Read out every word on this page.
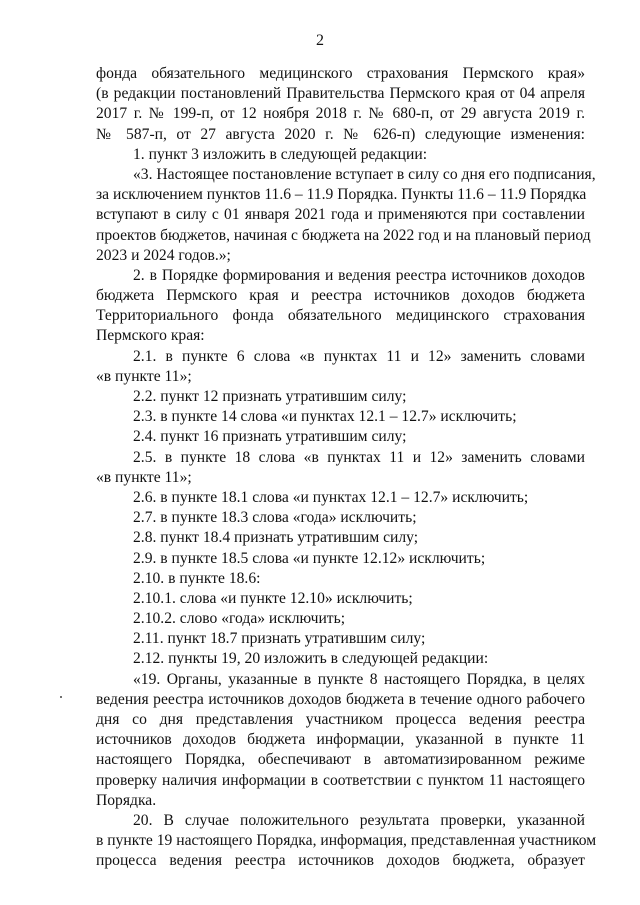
2
фонда обязательного медицинского страхования Пермского края»
(в редакции постановлений Правительства Пермского края от 04 апреля
2017 г. № 199-п, от 12 ноября 2018 г. № 680-п, от 29 августа 2019 г.
№ 587-п, от 27 августа 2020 г. № 626-п) следующие изменения:
1. пункт 3 изложить в следующей редакции:
«3. Настоящее постановление вступает в силу со дня его подписания,
за исключением пунктов 11.6 – 11.9 Порядка. Пункты 11.6 – 11.9 Порядка
вступают в силу с 01 января 2021 года и применяются при составлении
проектов бюджетов, начиная с бюджета на 2022 год и на плановый период
2023 и 2024 годов.»;
2. в Порядке формирования и ведения реестра источников доходов
бюджета Пермского края и реестра источников доходов бюджета
Территориального фонда обязательного медицинского страхования
Пермского края:
2.1. в пункте 6 слова «в пунктах 11 и 12» заменить словами
«в пункте 11»;
2.2. пункт 12 признать утратившим силу;
2.3. в пункте 14 слова «и пунктах 12.1 – 12.7» исключить;
2.4. пункт 16 признать утратившим силу;
2.5. в пункте 18 слова «в пунктах 11 и 12» заменить словами
«в пункте 11»;
2.6. в пункте 18.1 слова «и пунктах 12.1 – 12.7» исключить;
2.7. в пункте 18.3 слова «года» исключить;
2.8. пункт 18.4 признать утратившим силу;
2.9. в пункте 18.5 слова «и пункте 12.12» исключить;
2.10. в пункте 18.6:
2.10.1. слова «и пункте 12.10» исключить;
2.10.2. слово «года» исключить;
2.11. пункт 18.7 признать утратившим силу;
2.12. пункты 19, 20 изложить в следующей редакции:
«19. Органы, указанные в пункте 8 настоящего Порядка, в целях
ведения реестра источников доходов бюджета в течение одного рабочего
дня со дня представления участником процесса ведения реестра
источников доходов бюджета информации, указанной в пункте 11
настоящего Порядка, обеспечивают в автоматизированном режиме
проверку наличия информации в соответствии с пунктом 11 настоящего
Порядка.
20. В случае положительного результата проверки, указанной
в пункте 19 настоящего Порядка, информация, представленная участником
процесса ведения реестра источников доходов бюджета, образует
